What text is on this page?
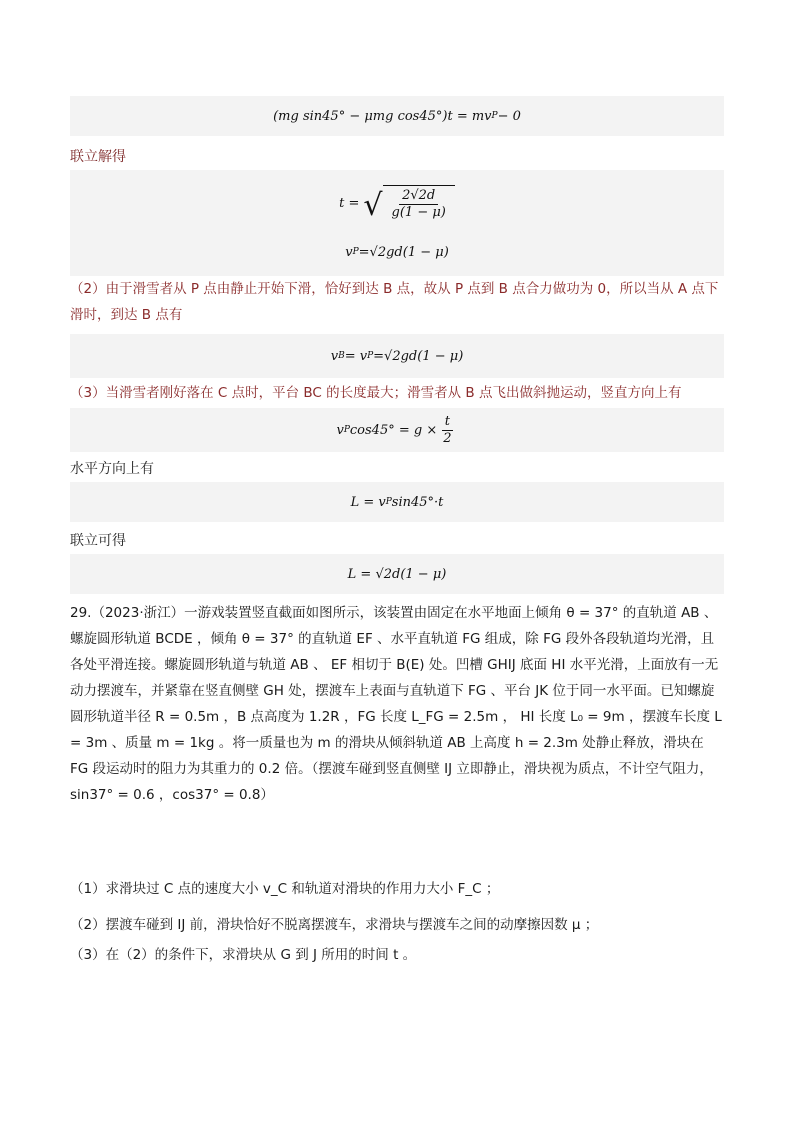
(mg sin45° − μmg cos45°)t = mv P − 0
联立解得
t = √ $\frac{2√2d}{g(1 - \mu)}$
v P = √2gd(1 − μ)
（2）由于滑雪者从 P 点由静止开始下滑，恰好到达 B 点，故从 P 点到 B 点合力做功为 0，所以当从 A 点下滑时，到达 B 点有
v B = v P = √2gd(1 − μ)
（3）当滑雪者刚好落在 C 点时，平台 BC 的长度最大；滑雪者从 B 点飞出做斜抛运动，竖直方向上有
v P $\cos 45^\circ = g \times \frac{t}{2}$
水平方向上有
L = v P sin45°·t
联立可得
L = √2d(1 − μ)
29.（2023·浙江）一游戏装置竖直截面如图所示，该装置由固定在水平地面上倾角 θ = 37° 的直轨道 AB 、螺旋圆形轨道 BCDE ，倾角 θ = 37° 的直轨道 EF 、水平直轨道 FG 组成，除 FG 段外各段轨道均光滑，且各处平滑连接。螺旋圆形轨道与轨道 AB 、 EF 相切于 B(E) 处。凹槽 GHIJ 底面 HI 水平光滑，上面放有一无动力摆渡车，并紧靠在竖直侧壁 GH 处，摆渡车上表面与直轨道下 FG 、平台 JK 位于同一水平面。已知螺旋圆形轨道半径 R = 0.5m ，B 点高度为 1.2R ，FG 长度 L_FG = 2.5m ， HI 长度 L₀ = 9m ，摆渡车长度 L = 3m 、质量 m = 1kg 。将一质量也为 m 的滑块从倾斜轨道 AB 上高度 h = 2.3m 处静止释放，滑块在 FG 段运动时的阻力为其重力的 0.2 倍。（摆渡车碰到竖直侧壁 IJ 立即静止，滑块视为质点，不计空气阻力，sin37° = 0.6 ，cos37° = 0.8）
（1）求滑块过 C 点的速度大小 v_C 和轨道对滑块的作用力大小 F_C ；
（2）摆渡车碰到 IJ 前，滑块恰好不脱离摆渡车，求滑块与摆渡车之间的动摩擦因数 μ ；
（3）在（2）的条件下，求滑块从 G 到 J 所用的时间 t 。
